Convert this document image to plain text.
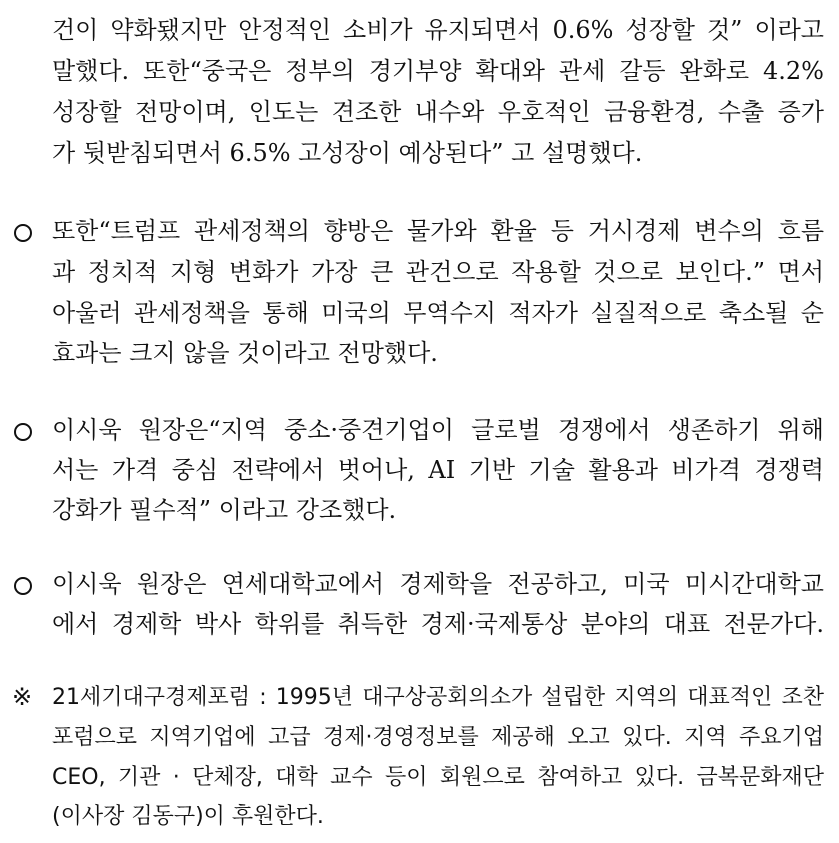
건이 약화됐지만 안정적인 소비가 유지되면서 0.6% 성장할 것” 이라고
말했다. 또한“중국은 정부의 경기부양 확대와 관세 갈등 완화로 4.2%
성장할 전망이며, 인도는 견조한 내수와 우호적인 금융환경, 수출 증가
가 뒷받침되면서 6.5% 고성장이 예상된다” 고 설명했다.
또한“트럼프 관세정책의 향방은 물가와 환율 등 거시경제 변수의 흐름
과 정치적 지형 변화가 가장 큰 관건으로 작용할 것으로 보인다.” 면서
아울러 관세정책을 통해 미국의 무역수지 적자가 실질적으로 축소될 순
효과는 크지 않을 것이라고 전망했다.
이시욱 원장은“지역 중소·중견기업이 글로벌 경쟁에서 생존하기 위해
서는 가격 중심 전략에서 벗어나, AI 기반 기술 활용과 비가격 경쟁력
강화가 필수적” 이라고 강조했다.
이시욱 원장은 연세대학교에서 경제학을 전공하고, 미국 미시간대학교
에서 경제학 박사 학위를 취득한 경제·국제통상 분야의 대표 전문가다.
※ 21세기대구경제포럼 : 1995년 대구상공회의소가 설립한 지역의 대표적인 조찬
포럼으로 지역기업에 고급 경제·경영정보를 제공해 오고 있다. 지역 주요기업
CEO, 기관 · 단체장, 대학 교수 등이 회원으로 참여하고 있다. 금복문화재단
(이사장 김동구)이 후원한다.
